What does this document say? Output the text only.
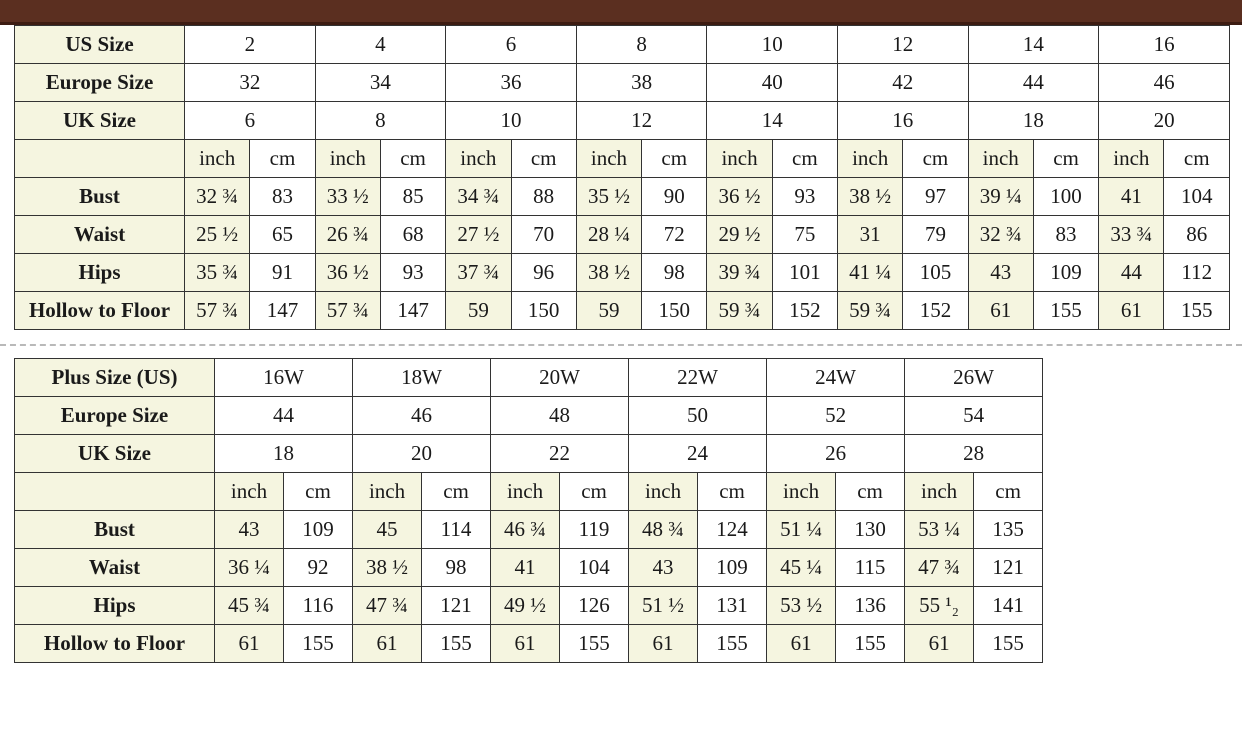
US Size	2		4		6		8		10		12		14		16	
Europe Size	32		34		36		38		40		42		44		46	
UK Size	6		8		10		12		14		16		18		20	
	inch	cm	inch	cm	inch	cm	inch	cm	inch	cm	inch	cm	inch	cm	inch	cm
Bust	32 ¾	83	33 ½	85	34 ¾	88	35 ½	90	36 ½	93	38 ½	97	39 ¼	100	41	104
Waist	25 ½	65	26 ¾	68	27 ½	70	28 ¼	72	29 ½	75	31	79	32 ¾	83	33 ¾	86
Hips	35 ¾	91	36 ½	93	37 ¾	96	38 ½	98	39 ¾	101	41 ¼	105	43	109	44	112
Hollow to Floor	57 ¾	147	57 ¾	147	59	150	59	150	59 ¾	152	59 ¾	152	61	155	61	155
Plus Size (US)	16W		18W		20W		22W		24W		26W	
Europe Size	44		46		48		50		52		54	
UK Size	18		20		22		24		26		28	
	inch	cm	inch	cm	inch	cm	inch	cm	inch	cm	inch	cm
Bust	43	109	45	114	46 ¾	119	48 ¾	124	51 ¼	130	53 ¼	135
Waist	36 ¼	92	38 ½	98	41	104	43	109	45 ¼	115	47 ¾	121
Hips	45 ¾	116	47 ¾	121	49 ½	126	51 ½	131	53 ½	136	55 ¹₂	141
Hollow to Floor	61	155	61	155	61	155	61	155	61	155	61	155
